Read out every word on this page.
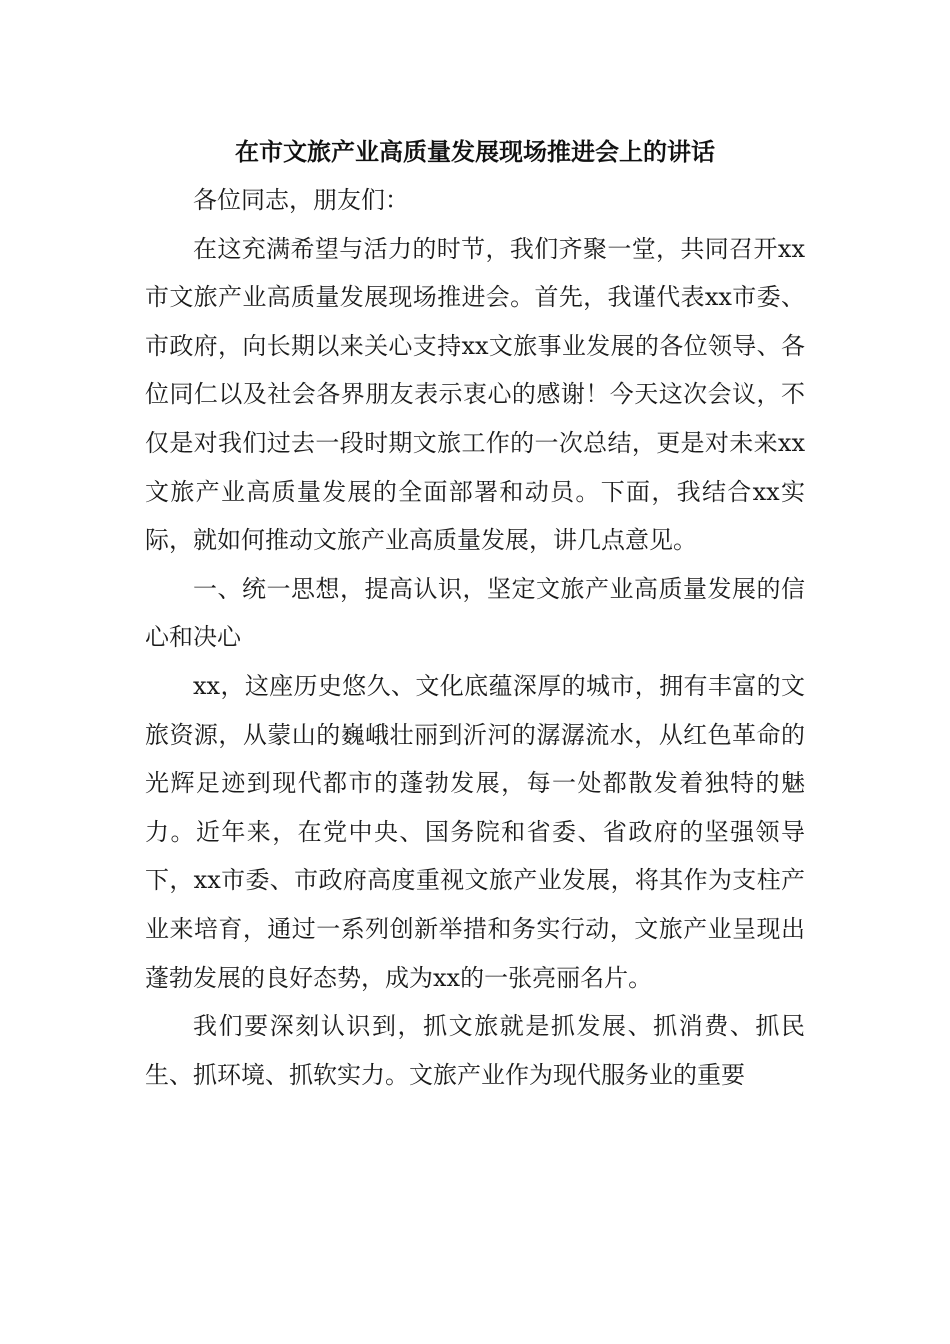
在市文旅产业高质量发展现场推进会上的讲话

各位同志，朋友们：

在这充满希望与活力的时节，我们齐聚一堂，共同召开xx市文旅产业高质量发展现场推进会。首先，我谨代表xx市委、市政府，向长期以来关心支持xx文旅事业发展的各位领导、各位同仁以及社会各界朋友表示衷心的感谢！今天这次会议，不仅是对我们过去一段时期文旅工作的一次总结，更是对未来xx文旅产业高质量发展的全面部署和动员。下面，我结合xx实际，就如何推动文旅产业高质量发展，讲几点意见。

一、统一思想，提高认识，坚定文旅产业高质量发展的信心和决心

xx，这座历史悠久、文化底蕴深厚的城市，拥有丰富的文旅资源，从蒙山的巍峨壮丽到沂河的潺潺流水，从红色革命的光辉足迹到现代都市的蓬勃发展，每一处都散发着独特的魅力。近年来，在党中央、国务院和省委、省政府的坚强领导下，xx市委、市政府高度重视文旅产业发展，将其作为支柱产业来培育，通过一系列创新举措和务实行动，文旅产业呈现出蓬勃发展的良好态势，成为xx的一张亮丽名片。

我们要深刻认识到，抓文旅就是抓发展、抓消费、抓民生、抓环境、抓软实力。文旅产业作为现代服务业的重要
